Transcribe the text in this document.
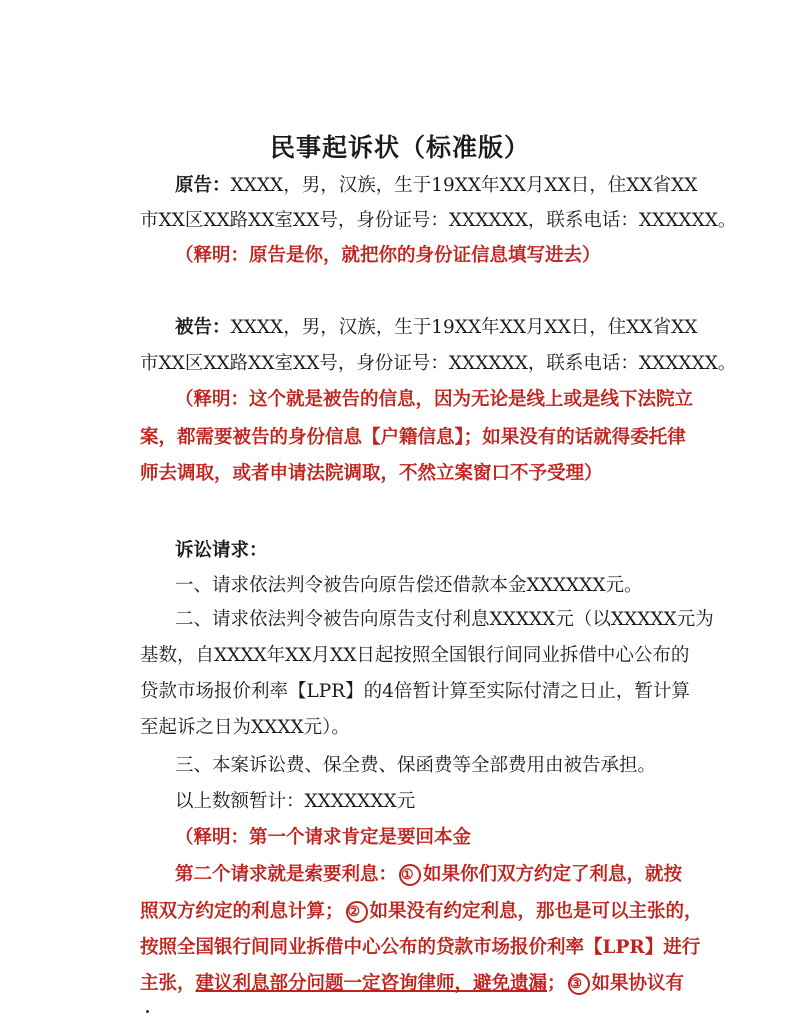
民事起诉状（标准版）
原告：XXXX，男，汉族，生于19XX年XX月XX日，住XX省XX
市XX区XX路XX室XX号，身份证号：XXXXXX，联系电话：XXXXXX。
（释明：原告是你，就把你的身份证信息填写进去）
被告：XXXX，男，汉族，生于19XX年XX月XX日，住XX省XX
市XX区XX路XX室XX号，身份证号：XXXXXX，联系电话：XXXXXX。
（释明：这个就是被告的信息，因为无论是线上或是线下法院立
案，都需要被告的身份信息【户籍信息】；如果没有的话就得委托律
师去调取，或者申请法院调取，不然立案窗口不予受理）
诉讼请求：
一、请求依法判令被告向原告偿还借款本金XXXXXX元。
二、请求依法判令被告向原告支付利息XXXXX元（以XXXXX元为
基数，自XXXX年XX月XX日起按照全国银行间同业拆借中心公布的
贷款市场报价利率【LPR】的4倍暂计算至实际付清之日止，暂计算
至起诉之日为XXXX元）。
三、本案诉讼费、保全费、保函费等全部费用由被告承担。
以上数额暂计：XXXXXXX元
（释明：第一个请求肯定是要回本金
第二个请求就是索要利息： ① 如果你们双方约定了利息，就按
照双方约定的利息计算； ② 如果没有约定利息，那也是可以主张的，
按照全国银行间同业拆借中心公布的贷款市场报价利率【LPR】进行
主张，建议利息部分问题一定咨询律师，避免遗漏； ③ 如果协议有
